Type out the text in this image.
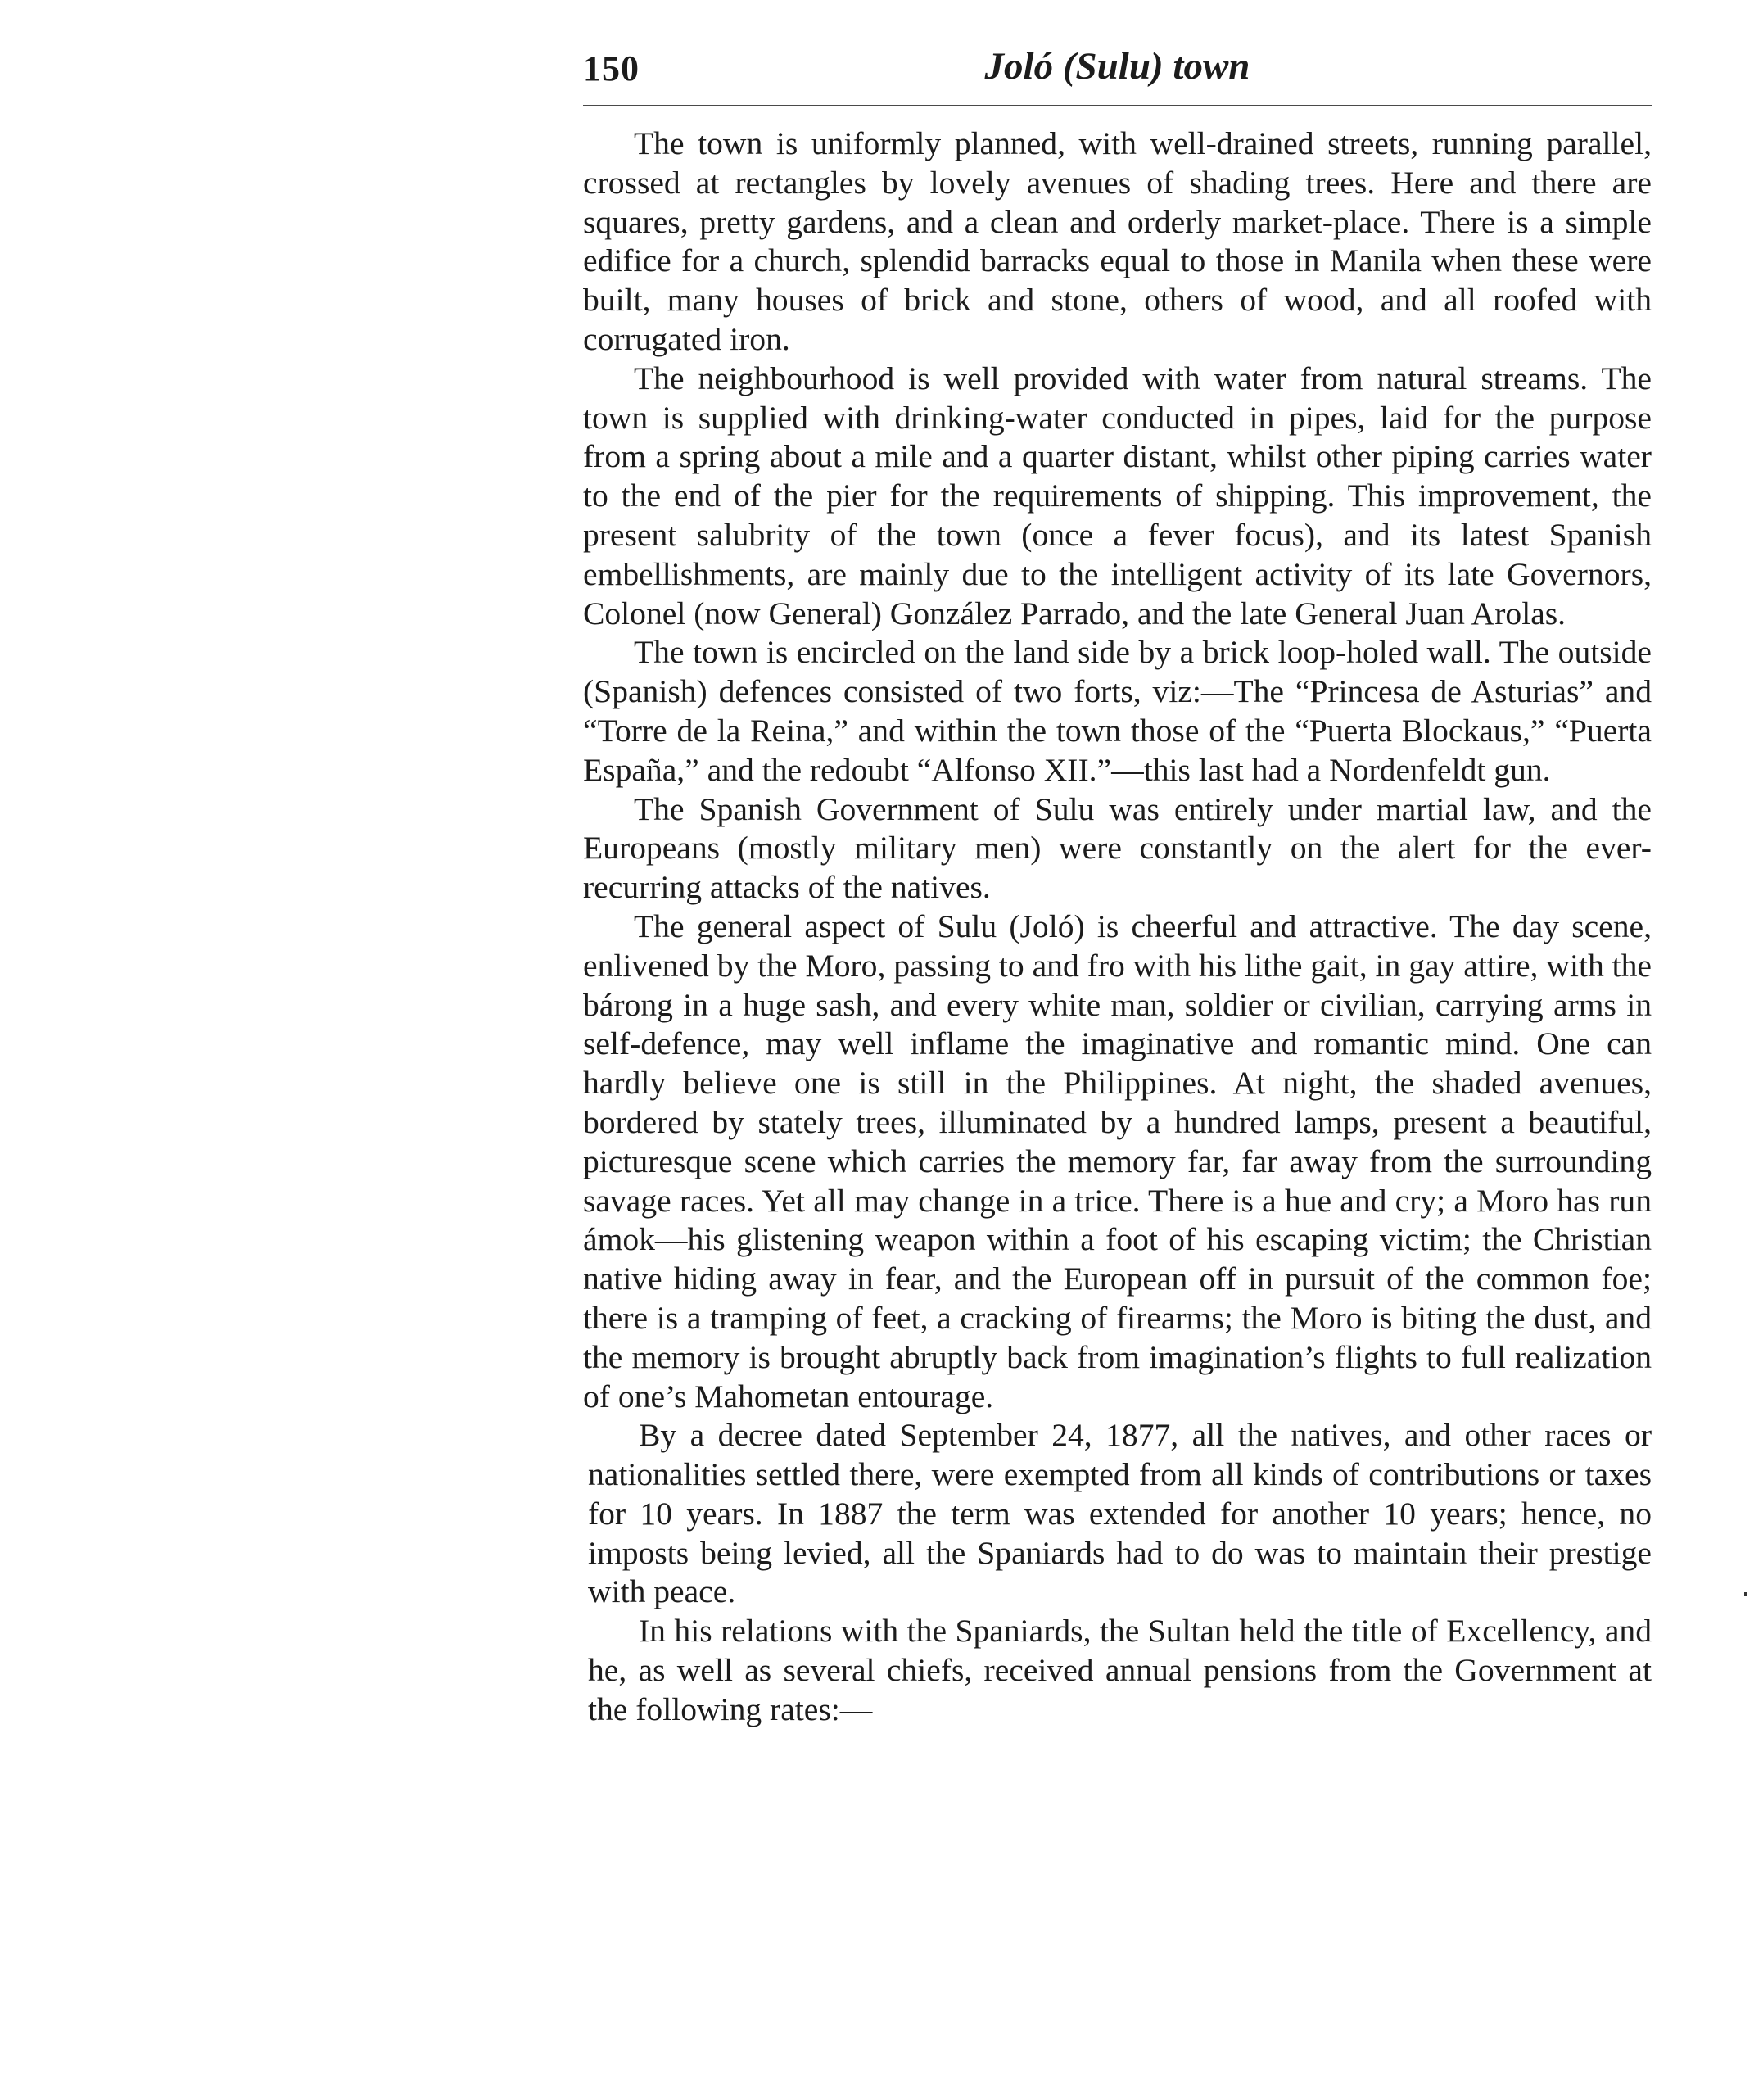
150	Joló (Sulu) town

The town is uniformly planned, with well-drained streets, running parallel, crossed at rectangles by lovely avenues of shading trees. Here and there are squares, pretty gardens, and a clean and orderly market-place. There is a simple edifice for a church, splendid barracks equal to those in Manila when these were built, many houses of brick and stone, others of wood, and all roofed with corrugated iron.

The neighbourhood is well provided with water from natural streams. The town is supplied with drinking-water conducted in pipes, laid for the purpose from a spring about a mile and a quarter distant, whilst other piping carries water to the end of the pier for the requirements of shipping. This improvement, the present salubrity of the town (once a fever focus), and its latest Spanish embellishments, are mainly due to the intelligent activity of its late Governors, Colonel (now General) González Parrado, and the late General Juan Arolas.

The town is encircled on the land side by a brick loop-holed wall. The outside (Spanish) defences consisted of two forts, viz:—The “Princesa de Asturias” and “Torre de la Reina,” and within the town those of the “Puerta Blockaus,” “Puerta España,” and the redoubt “Alfonso XII.”—this last had a Nordenfeldt gun.

The Spanish Government of Sulu was entirely under martial law, and the Europeans (mostly military men) were constantly on the alert for the ever-recurring attacks of the natives.

The general aspect of Sulu (Joló) is cheerful and attractive. The day scene, enlivened by the Moro, passing to and fro with his lithe gait, in gay attire, with the bárong in a huge sash, and every white man, soldier or civilian, carrying arms in self-defence, may well inflame the imaginative and romantic mind. One can hardly believe one is still in the Philippines. At night, the shaded avenues, bordered by stately trees, illuminated by a hundred lamps, present a beautiful, picturesque scene which carries the memory far, far away from the surrounding savage races. Yet all may change in a trice. There is a hue and cry; a Moro has run ámok—his glistening weapon within a foot of his escaping victim; the Christian native hiding away in fear, and the European off in pursuit of the common foe; there is a tramping of feet, a cracking of firearms; the Moro is biting the dust, and the memory is brought abruptly back from imagination’s flights to full realization of one’s Mahometan entourage.

By a decree dated September 24, 1877, all the natives, and other races or nationalities settled there, were exempted from all kinds of contributions or taxes for 10 years. In 1887 the term was extended for another 10 years; hence, no imposts being levied, all the Spaniards had to do was to maintain their prestige with peace.

In his relations with the Spaniards, the Sultan held the title of Excellency, and he, as well as several chiefs, received annual pensions from the Government at the following rates:—
